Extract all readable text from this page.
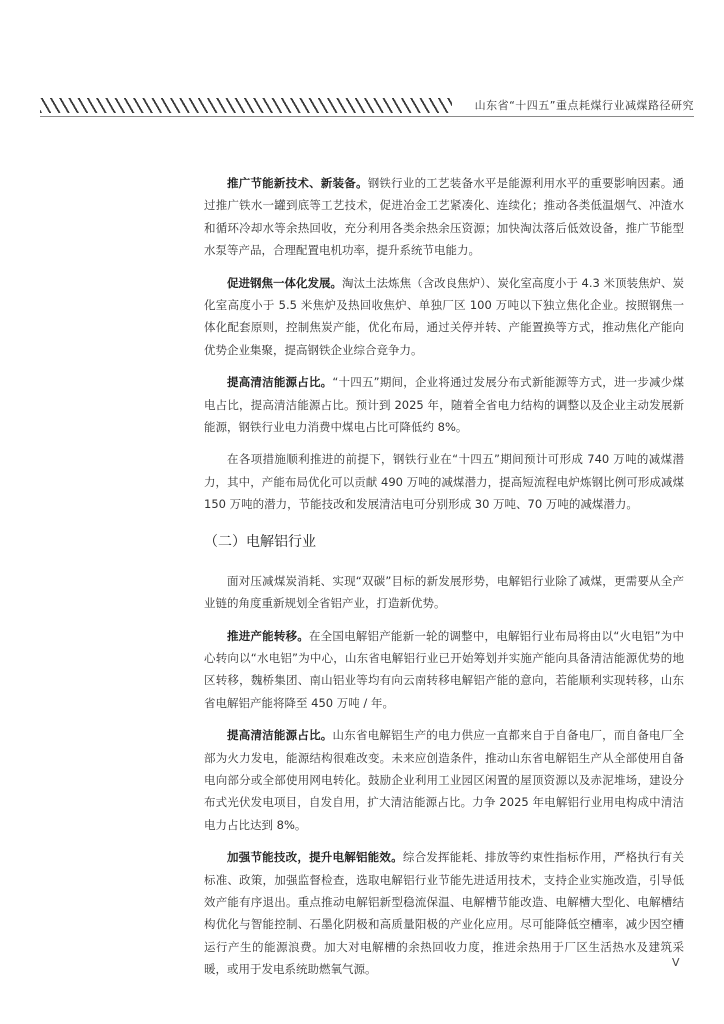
山东省“十四五”重点耗煤行业减煤路径研究

推广节能新技术、新装备。钢铁行业的工艺装备水平是能源利用水平的重要影响因素。通过推广铁水一罐到底等工艺技术，促进冶金工艺紧凑化、连续化；推动各类低温烟气、冲渣水和循环冷却水等余热回收，充分利用各类余热余压资源；加快淘汰落后低效设备，推广节能型水泵等产品，合理配置电机功率，提升系统节电能力。

促进钢焦一体化发展。淘汰土法炼焦（含改良焦炉）、炭化室高度小于 4.3 米顶装焦炉、炭化室高度小于 5.5 米焦炉及热回收焦炉、单独厂区 100 万吨以下独立焦化企业。按照钢焦一体化配套原则，控制焦炭产能，优化布局，通过关停并转、产能置换等方式，推动焦化产能向优势企业集聚，提高钢铁企业综合竞争力。

提高清洁能源占比。“十四五”期间，企业将通过发展分布式新能源等方式，进一步减少煤电占比，提高清洁能源占比。预计到 2025 年，随着全省电力结构的调整以及企业主动发展新能源，钢铁行业电力消费中煤电占比可降低约 8%。

在各项措施顺利推进的前提下，钢铁行业在“十四五”期间预计可形成 740 万吨的减煤潜力，其中，产能布局优化可以贡献 490 万吨的减煤潜力，提高短流程电炉炼钢比例可形成减煤 150 万吨的潜力，节能技改和发展清洁电可分别形成 30 万吨、70 万吨的减煤潜力。

（二）电解铝行业

面对压减煤炭消耗、实现“双碳”目标的新发展形势，电解铝行业除了减煤，更需要从全产业链的角度重新规划全省铝产业，打造新优势。

推进产能转移。在全国电解铝产能新一轮的调整中，电解铝行业布局将由以“火电铝”为中心转向以“水电铝”为中心，山东省电解铝行业已开始筹划并实施产能向具备清洁能源优势的地区转移，魏桥集团、南山铝业等均有向云南转移电解铝产能的意向，若能顺利实现转移，山东省电解铝产能将降至 450 万吨 / 年。

提高清洁能源占比。山东省电解铝生产的电力供应一直都来自于自备电厂，而自备电厂全部为火力发电，能源结构很难改变。未来应创造条件，推动山东省电解铝生产从全部使用自备电向部分或全部使用网电转化。鼓励企业利用工业园区闲置的屋顶资源以及赤泥堆场，建设分布式光伏发电项目，自发自用，扩大清洁能源占比。力争 2025 年电解铝行业用电构成中清洁电力占比达到 8%。

加强节能技改，提升电解铝能效。综合发挥能耗、排放等约束性指标作用，严格执行有关标准、政策，加强监督检查，选取电解铝行业节能先进适用技术，支持企业实施改造，引导低效产能有序退出。重点推动电解铝新型稳流保温、电解槽节能改造、电解槽大型化、电解槽结构优化与智能控制、石墨化阴极和高质量阳极的产业化应用。尽可能降低空槽率，减少因空槽运行产生的能源浪费。加大对电解槽的余热回收力度，推进余热用于厂区生活热水及建筑采暖，或用于发电系统助燃氧气源。	V
